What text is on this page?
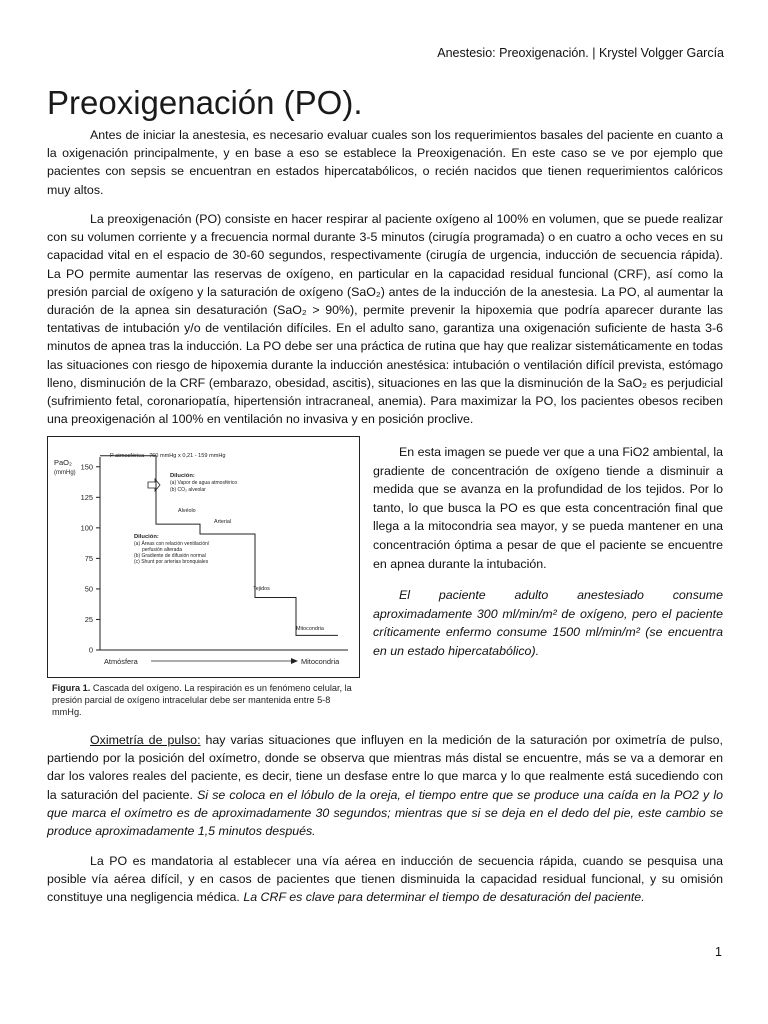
Anestesio: Preoxigenación. | Krystel Volgger García
Preoxigenación (PO).

Antes de iniciar la anestesia, es necesario evaluar cuales son los requerimientos basales del paciente en cuanto a la oxigenación principalmente, y en base a eso se establece la Preoxigenación. En este caso se ve por ejemplo que pacientes con sepsis se encuentran en estados hipercatabólicos, o recién nacidos que tienen requerimientos calóricos muy altos.

La preoxigenación (PO) consiste en hacer respirar al paciente oxígeno al 100% en volumen, que se puede realizar con su volumen corriente y a frecuencia normal durante 3-5 minutos (cirugía programada) o en cuatro a ocho veces en su capacidad vital en el espacio de 30-60 segundos, respectivamente (cirugía de urgencia, inducción de secuencia rápida). La PO permite aumentar las reservas de oxígeno, en particular en la capacidad residual funcional (CRF), así como la presión parcial de oxígeno y la saturación de oxígeno (SaO₂) antes de la inducción de la anestesia. La PO, al aumentar la duración de la apnea sin desaturación (SaO₂ > 90%), permite prevenir la hipoxemia que podría aparecer durante las tentativas de intubación y/o de ventilación difíciles. En el adulto sano, garantiza una oxigenación suficiente de hasta 3-6 minutos de apnea tras la inducción. La PO debe ser una práctica de rutina que hay que realizar sistemáticamente en todas las situaciones con riesgo de hipoxemia durante la inducción anestésica: intubación o ventilación difícil prevista, estómago lleno, disminución de la CRF (embarazo, obesidad, ascitis), situaciones en las que la disminución de la SaO₂ es perjudicial (sufrimiento fetal, coronariopatía, hipertensión intracraneal, anemia). Para maximizar la PO, los pacientes obesos reciben una preoxigenación al 100% en ventilación no invasiva y en posición proclive.

0
25
50
75
100
125
150
PaO₂
(mmHg)
P atmosférica - 760 mmHg x 0,21 - 159 mmHg
Dilución:
(a) Vapor de agua atmosférico
(b) CO₂ alveolar
Alvéolo
Arterial
Dilución:
(a) Áreas con relación ventilación/
perfusión alterada
(b) Gradiente de difusión normal
(c) Shunt por arterias bronquiales
Tejidos
Mitocondria
Atmósfera	Mitocondria
Figura 1. Cascada del oxígeno. La respiración es un fenómeno celular, la presión parcial de oxígeno intracelular debe ser mantenida entre 5-8 mmHg.

En esta imagen se puede ver que a una FiO2 ambiental, la gradiente de concentración de oxígeno tiende a disminuir a medida que se avanza en la profundidad de los tejidos. Por lo tanto, lo que busca la PO es que esta concentración final que llega a la mitocondria sea mayor, y se pueda mantener en una concentración óptima a pesar de que el paciente se encuentre en apnea durante la intubación.

El paciente adulto anestesiado consume aproximadamente 300 ml/min/m² de oxígeno, pero el paciente críticamente enfermo consume 1500 ml/min/m² (se encuentra en un estado hipercatabólico).

Oximetría de pulso: hay varias situaciones que influyen en la medición de la saturación por oximetría de pulso, partiendo por la posición del oxímetro, donde se observa que mientras más distal se encuentre, más se va a demorar en dar los valores reales del paciente, es decir, tiene un desfase entre lo que marca y lo que realmente está sucediendo con la saturación del paciente. Si se coloca en el lóbulo de la oreja, el tiempo entre que se produce una caída en la PO2 y lo que marca el oxímetro es de aproximadamente 30 segundos; mientras que si se deja en el dedo del pie, este cambio se produce aproximadamente 1,5 minutos después.

La PO es mandatoria al establecer una vía aérea en inducción de secuencia rápida, cuando se pesquisa una posible vía aérea difícil, y en casos de pacientes que tienen disminuida la capacidad residual funcional, y su omisión constituye una negligencia médica. La CRF es clave para determinar el tiempo de desaturación del paciente.

1
